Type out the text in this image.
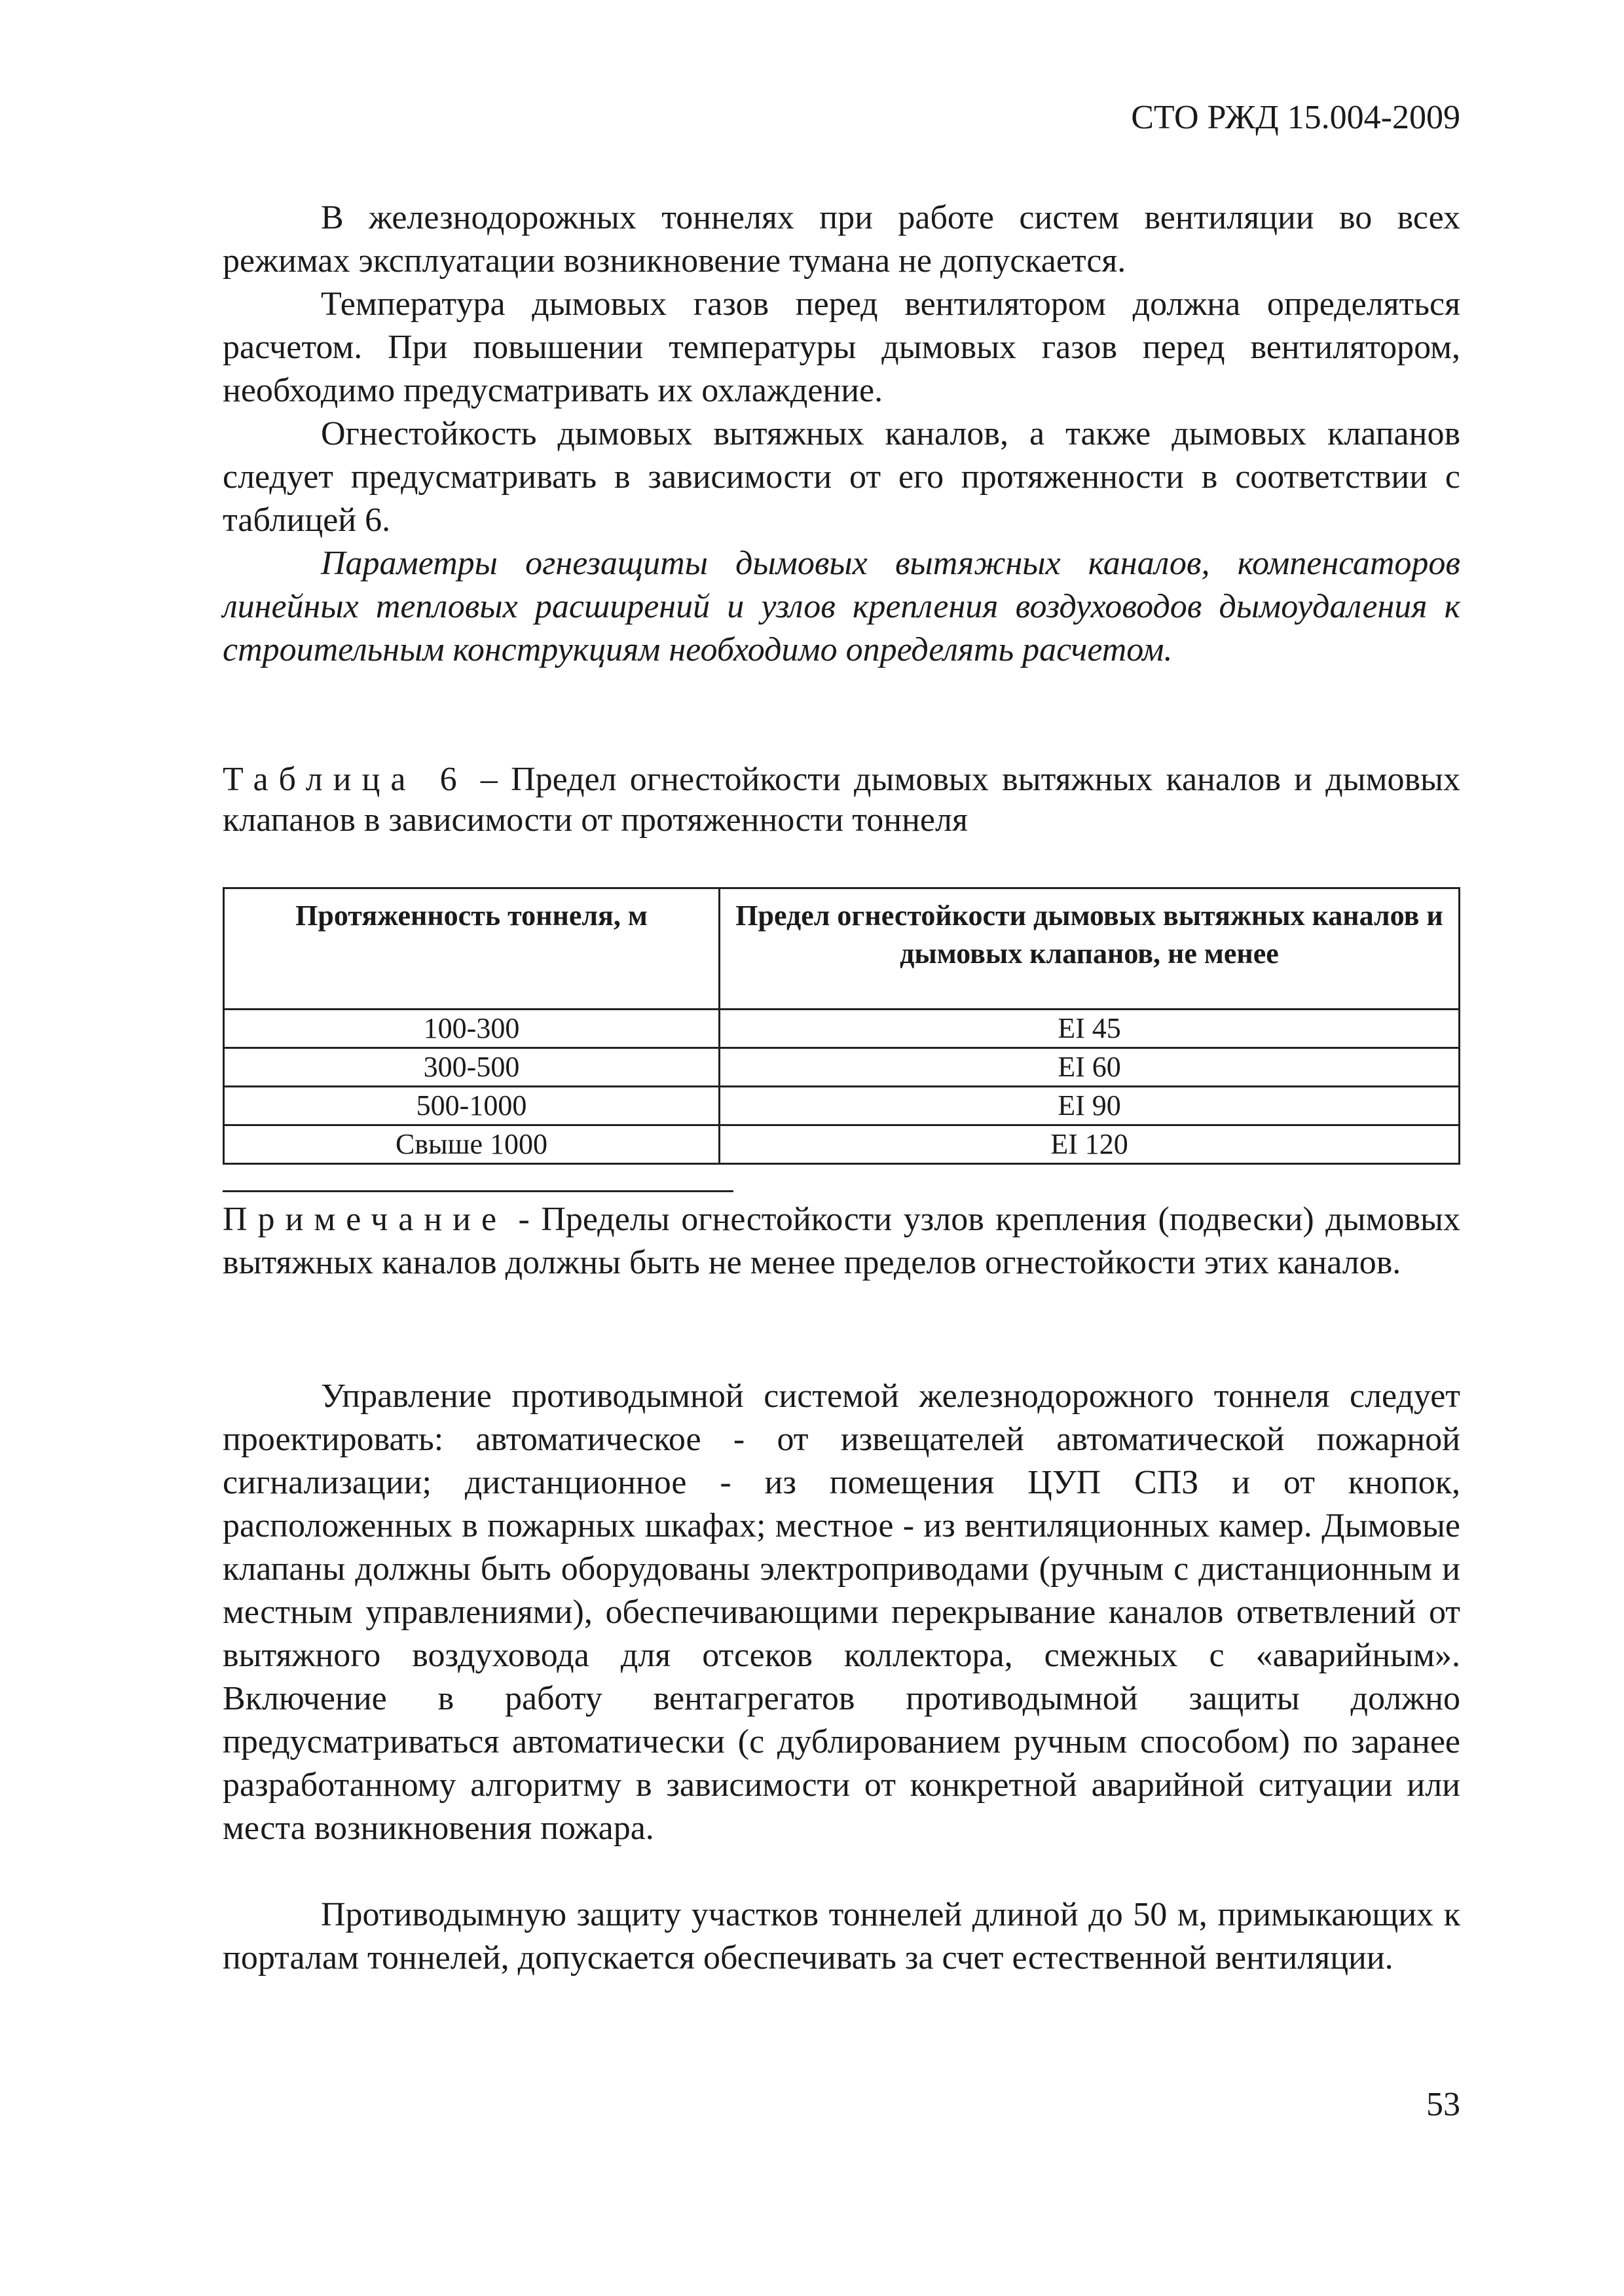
СТО РЖД 15.004-2009

В железнодорожных тоннелях при работе систем вентиляции во всех режимах эксплуатации возникновение тумана не допускается.

Температура дымовых газов перед вентилятором должна определяться расчетом. При повышении температуры дымовых газов перед вентилятором, необходимо предусматривать их охлаждение.

Огнестойкость дымовых вытяжных каналов, а также дымовых клапанов следует предусматривать в зависимости от его протяженности в соответствии с таблицей 6.

Параметры огнезащиты дымовых вытяжных каналов, компенсаторов линейных тепловых расширений и узлов крепления воздуховодов дымоудаления к строительным конструкциям необходимо определять расчетом.

Таблица 6 – Предел огнестойкости дымовых вытяжных каналов и дымовых клапанов в зависимости от протяженности тоннеля

Протяженность тоннеля, м	Предел огнестойкости дымовых вытяжных каналов и дымовых клапанов, не менее
100-300	EI 45
300-500	EI 60
500-1000	EI 90
Свыше 1000	EI 120

Примечание - Пределы огнестойкости узлов крепления (подвески) дымовых вытяжных каналов должны быть не менее пределов огнестойкости этих каналов.

Управление противодымной системой железнодорожного тоннеля следует проектировать: автоматическое - от извещателей автоматической пожарной сигнализации; дистанционное - из помещения ЦУП СПЗ и от кнопок, расположенных в пожарных шкафах; местное - из вентиляционных камер. Дымовые клапаны должны быть оборудованы электроприводами (ручным с дистанционным и местным управлениями), обеспечивающими перекрывание каналов ответвлений от вытяжного воздуховода для отсеков коллектора, смежных с «аварийным». Включение в работу вентагрегатов противодымной защиты должно предусматриваться автоматически (с дублированием ручным способом) по заранее разработанному алгоритму в зависимости от конкретной аварийной ситуации или места возникновения пожара.

Противодымную защиту участков тоннелей длиной до 50 м, примыкающих к порталам тоннелей, допускается обеспечивать за счет естественной вентиляции.

53
